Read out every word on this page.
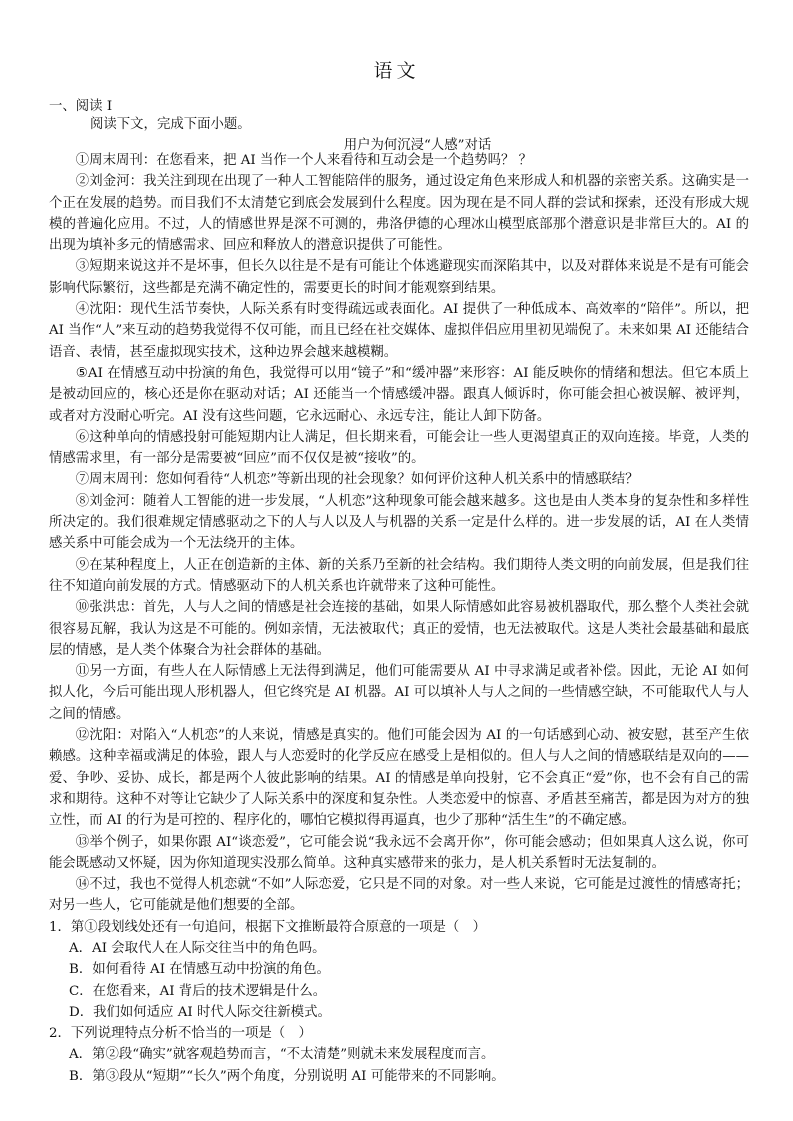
语文
一、阅读 I
阅读下文，完成下面小题。
用户为何沉浸“人感”对话

①周末周刊：在您看来，把 AI 当作一个人来看待和互动会是一个趋势吗？ ？

②刘金河：我关注到现在出现了一种人工智能陪伴的服务，通过设定角色来形成人和机器的亲密关系。这确实是一个正在发展的趋势。而目我们不太清楚它到底会发展到什么程度。因为现在是不同人群的尝试和探索，还没有形成大规模的普遍化应用。不过，人的情感世界是深不可测的，弗洛伊德的心理冰山模型底部那个潜意识是非常巨大的。AI 的出现为填补多元的情感需求、回应和释放人的潜意识提供了可能性。

③短期来说这并不是坏事，但长久以往是不是有可能让个体逃避现实而深陷其中，以及对群体来说是不是有可能会影响代际繁衍，这些都是充满不确定性的，需要更长的时间才能观察到结果。

④沈阳：现代生活节奏快，人际关系有时变得疏远或表面化。AI 提供了一种低成本、高效率的“陪伴”。所以，把 AI 当作“人”来互动的趋势我觉得不仅可能，而且已经在社交媒体、虚拟伴侣应用里初见端倪了。未来如果 AI 还能结合语音、表情，甚至虚拟现实技术，这种边界会越来越模糊。

⑤AI 在情感互动中扮演的角色，我觉得可以用“镜子”和“缓冲器”来形容：AI 能反映你的情绪和想法。但它本质上是被动回应的，核心还是你在驱动对话；AI 还能当一个情感缓冲器。跟真人倾诉时，你可能会担心被误解、被评判，或者对方没耐心听完。AI 没有这些问题，它永远耐心、永远专注，能让人卸下防备。

⑥这种单向的情感投射可能短期内让人满足，但长期来看，可能会让一些人更渴望真正的双向连接。毕竟，人类的情感需求里，有一部分是需要被“回应”而不仅仅是被“接收”的。

⑦周末周刊：您如何看待“人机恋”等新出现的社会现象？如何评价这种人机关系中的情感联结？

⑧刘金河：随着人工智能的进一步发展，“人机恋”这种现象可能会越来越多。这也是由人类本身的复杂性和多样性所决定的。我们很难规定情感驱动之下的人与人以及人与机器的关系一定是什么样的。进一步发展的话，AI 在人类情感关系中可能会成为一个无法绕开的主体。

⑨在某种程度上，人正在创造新的主体、新的关系乃至新的社会结构。我们期待人类文明的向前发展，但是我们往往不知道向前发展的方式。情感驱动下的人机关系也许就带来了这种可能性。

⑩张洪忠：首先，人与人之间的情感是社会连接的基础，如果人际情感如此容易被机器取代，那么整个人类社会就很容易瓦解，我认为这是不可能的。例如亲情，无法被取代；真正的爱情，也无法被取代。这是人类社会最基础和最底层的情感，是人类个体聚合为社会群体的基础。

⑪另一方面，有些人在人际情感上无法得到满足，他们可能需要从 AI 中寻求满足或者补偿。因此，无论 AI 如何拟人化，今后可能出现人形机器人，但它终究是 AI 机器。AI 可以填补人与人之间的一些情感空缺，不可能取代人与人之间的情感。

⑫沈阳：对陷入“人机恋”的人来说，情感是真实的。他们可能会因为 AI 的一句话感到心动、被安慰，甚至产生依赖感。这种幸福或满足的体验，跟人与人恋爱时的化学反应在感受上是相似的。但人与人之间的情感联结是双向的——爱、争吵、妥协、成长，都是两个人彼此影响的结果。AI 的情感是单向投射，它不会真正“爱”你，也不会有自己的需求和期待。这种不对等让它缺少了人际关系中的深度和复杂性。人类恋爱中的惊喜、矛盾甚至痛苦，都是因为对方的独立性，而 AI 的行为是可控的、程序化的，哪怕它模拟得再逼真，也少了那种“活生生”的不确定感。

⑬举个例子，如果你跟 AI“谈恋爱”，它可能会说“我永远不会离开你”，你可能会感动；但如果真人这么说，你可能会既感动又怀疑，因为你知道现实没那么简单。这种真实感带来的张力，是人机关系暂时无法复制的。

⑭不过，我也不觉得人机恋就“不如”人际恋爱，它只是不同的对象。对一些人来说，它可能是过渡性的情感寄托；对另一些人，它可能就是他们想要的全部。

1．第①段划线处还有一句追问，根据下文推断最符合原意的一项是（　）

A．AI 会取代人在人际交往当中的角色吗。

B．如何看待 AI 在情感互动中扮演的角色。

C．在您看来，AI 背后的技术逻辑是什么。

D．我们如何适应 AI 时代人际交往新模式。

2．下列说理特点分析不恰当的一项是（　）

A．第②段“确实”就客观趋势而言，“不太清楚”则就未来发展程度而言。

B．第③段从“短期”“长久”两个角度，分别说明 AI 可能带来的不同影响。
